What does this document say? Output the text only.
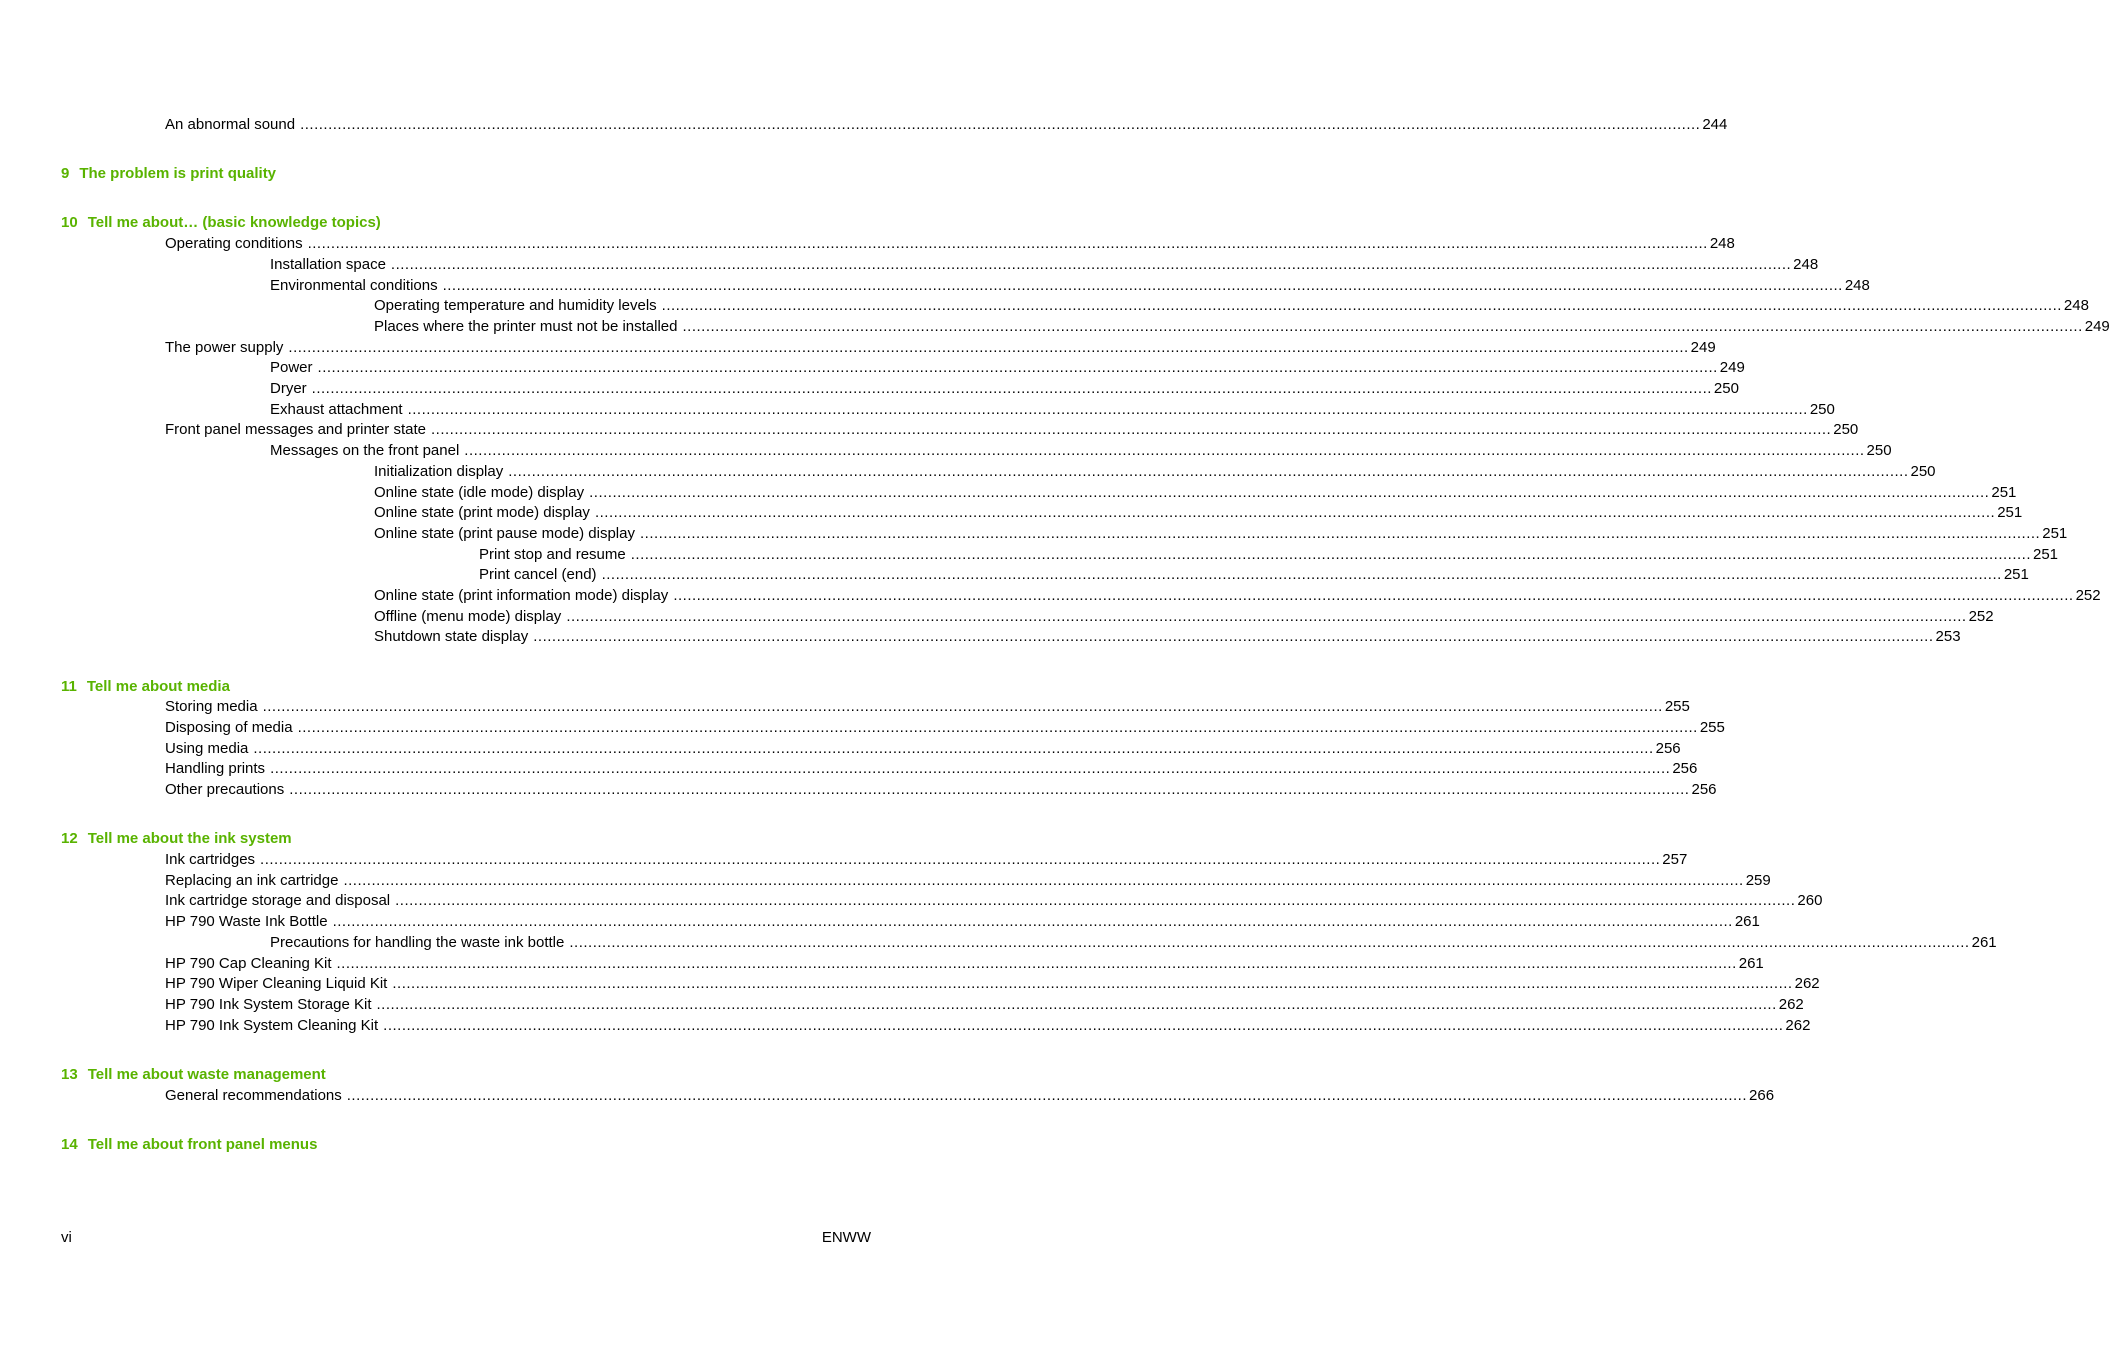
An abnormal sound ............................................................................................................................................................................................................................................................................................................ 244
9 The problem is print quality
10 Tell me about… (basic knowledge topics)
Operating conditions ............................................................................................................................................................................................................................................................................................................ 248
Installation space ............................................................................................................................................................................................................................................................................................................ 248
Environmental conditions ............................................................................................................................................................................................................................................................................................................ 248
Operating temperature and humidity levels ............................................................................................................................................................................................................................................................................................................ 248
Places where the printer must not be installed ............................................................................................................................................................................................................................................................................................................ 249
The power supply ............................................................................................................................................................................................................................................................................................................ 249
Power ............................................................................................................................................................................................................................................................................................................ 249
Dryer ............................................................................................................................................................................................................................................................................................................ 250
Exhaust attachment ............................................................................................................................................................................................................................................................................................................ 250
Front panel messages and printer state ............................................................................................................................................................................................................................................................................................................ 250
Messages on the front panel ............................................................................................................................................................................................................................................................................................................ 250
Initialization display ............................................................................................................................................................................................................................................................................................................ 250
Online state (idle mode) display ............................................................................................................................................................................................................................................................................................................ 251
Online state (print mode) display ............................................................................................................................................................................................................................................................................................................ 251
Online state (print pause mode) display ............................................................................................................................................................................................................................................................................................................ 251
Print stop and resume ............................................................................................................................................................................................................................................................................................................ 251
Print cancel (end) ............................................................................................................................................................................................................................................................................................................ 251
Online state (print information mode) display ............................................................................................................................................................................................................................................................................................................ 252
Offline (menu mode) display ............................................................................................................................................................................................................................................................................................................ 252
Shutdown state display ............................................................................................................................................................................................................................................................................................................ 253
11 Tell me about media
Storing media ............................................................................................................................................................................................................................................................................................................ 255
Disposing of media ............................................................................................................................................................................................................................................................................................................ 255
Using media ............................................................................................................................................................................................................................................................................................................ 256
Handling prints ............................................................................................................................................................................................................................................................................................................ 256
Other precautions ............................................................................................................................................................................................................................................................................................................ 256
12 Tell me about the ink system
Ink cartridges ............................................................................................................................................................................................................................................................................................................ 257
Replacing an ink cartridge ............................................................................................................................................................................................................................................................................................................ 259
Ink cartridge storage and disposal ............................................................................................................................................................................................................................................................................................................ 260
HP 790 Waste Ink Bottle ............................................................................................................................................................................................................................................................................................................ 261
Precautions for handling the waste ink bottle ............................................................................................................................................................................................................................................................................................................ 261
HP 790 Cap Cleaning Kit ............................................................................................................................................................................................................................................................................................................ 261
HP 790 Wiper Cleaning Liquid Kit ............................................................................................................................................................................................................................................................................................................ 262
HP 790 Ink System Storage Kit ............................................................................................................................................................................................................................................................................................................ 262
HP 790 Ink System Cleaning Kit ............................................................................................................................................................................................................................................................................................................ 262
13 Tell me about waste management
General recommendations ............................................................................................................................................................................................................................................................................................................ 266
14 Tell me about front panel menus
vi	ENWW
